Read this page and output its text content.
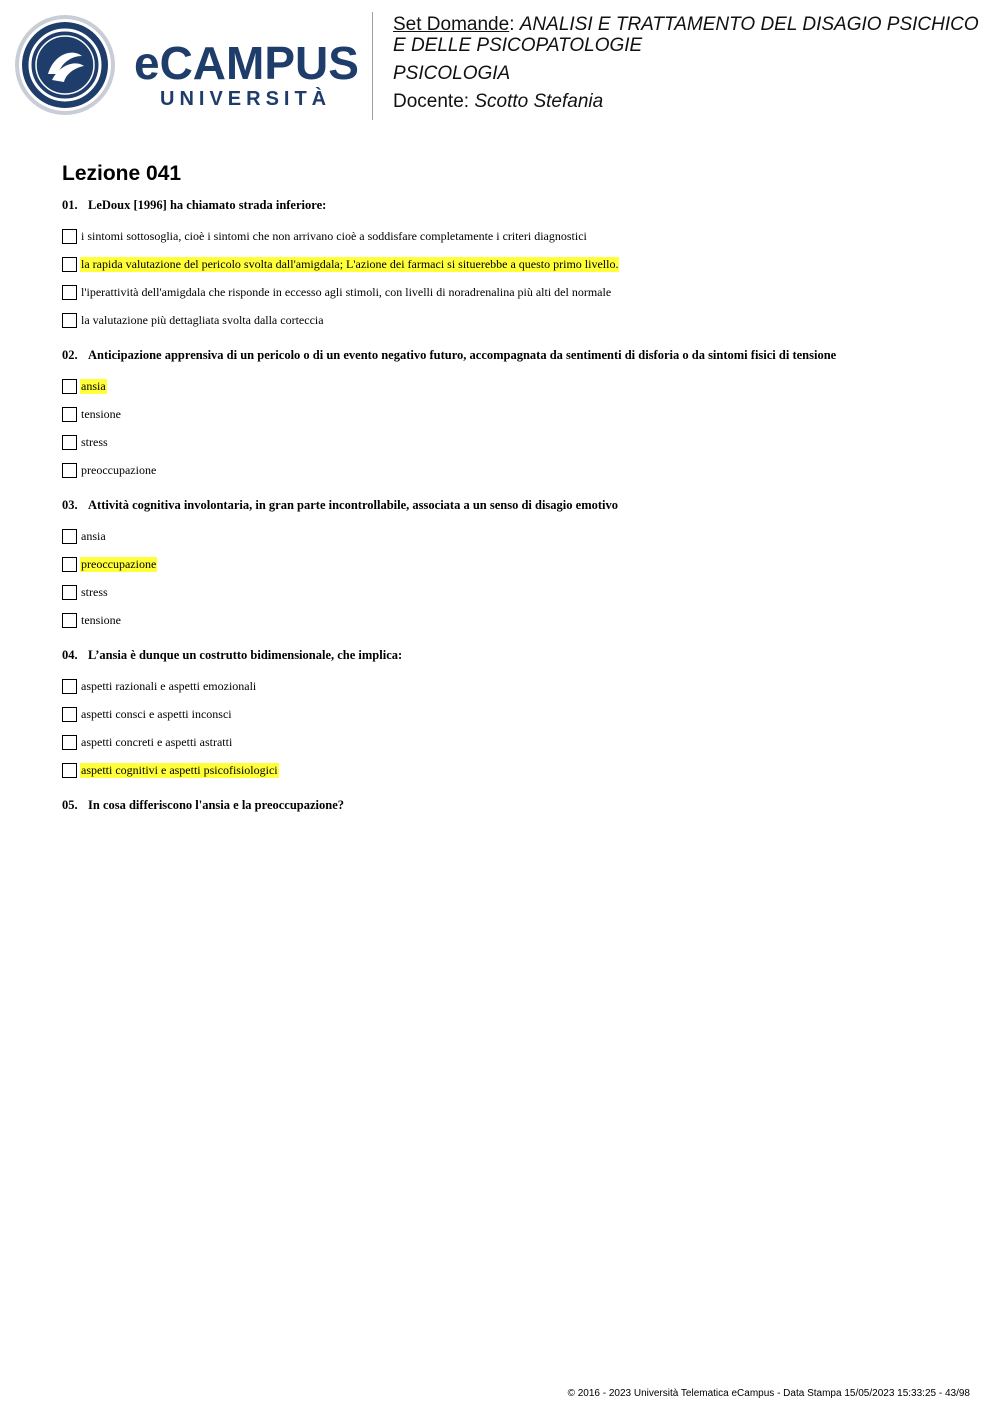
eCAMPUS
UNIVERSITÀ

Set Domande: ANALISI E TRATTAMENTO DEL DISAGIO PSICHICO E DELLE PSICOPATOLOGIE

PSICOLOGIA

Docente: Scotto Stefania

Lezione 041

01. LeDoux [1996] ha chiamato strada inferiore:

i sintomi sottosoglia, cioè i sintomi che non arrivano cioè a soddisfare completamente i criteri diagnostici
la rapida valutazione del pericolo svolta dall'amigdala; L'azione dei farmaci si situerebbe a questo primo livello.
l'iperattività dell'amigdala che risponde in eccesso agli stimoli, con livelli di noradrenalina più alti del normale
la valutazione più dettagliata svolta dalla corteccia

02. Anticipazione apprensiva di un pericolo o di un evento negativo futuro, accompagnata da sentimenti di disforia o da sintomi fisici di tensione

ansia
tensione
stress
preoccupazione

03. Attività cognitiva involontaria, in gran parte incontrollabile, associata a un senso di disagio emotivo

ansia
preoccupazione
stress
tensione

04. L’ansia è dunque un costrutto bidimensionale, che implica:

aspetti razionali e aspetti emozionali
aspetti consci e aspetti inconsci
aspetti concreti e aspetti astratti
aspetti cognitivi e aspetti psicofisiologici

05. In cosa differiscono l'ansia e la preoccupazione?

© 2016 - 2023 Università Telematica eCampus - Data Stampa 15/05/2023 15:33:25 - 43/98
